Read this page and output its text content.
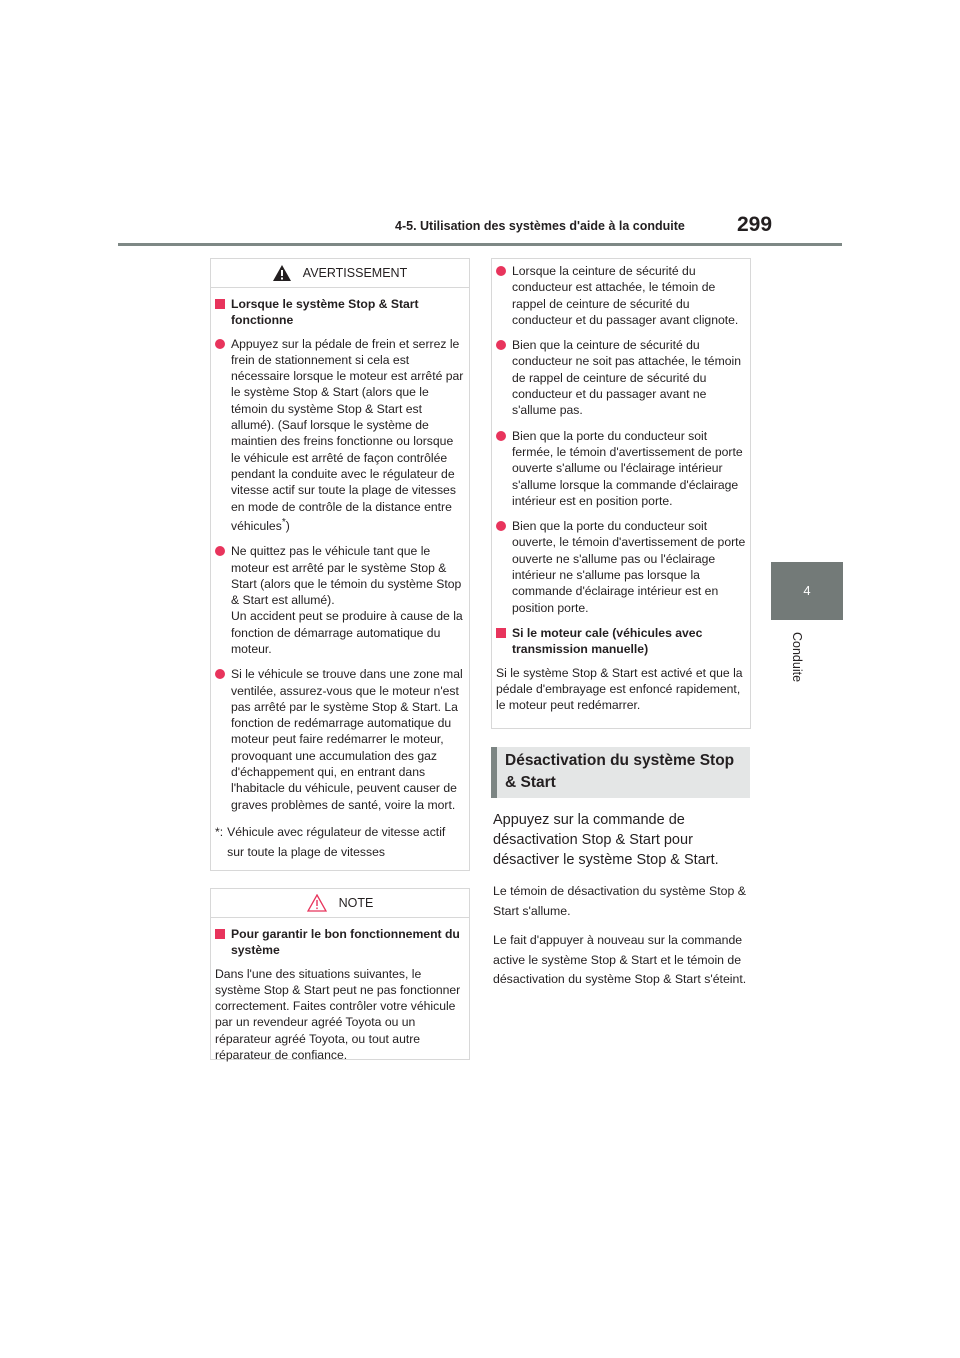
4-5. Utilisation des systèmes d'aide à la conduite 299
4
Conduite
AVERTISSEMENT
Lorsque le système Stop & Start fonctionne
Appuyez sur la pédale de frein et serrez le frein de stationnement si cela est nécessaire lorsque le moteur est arrêté par le système Stop & Start (alors que le témoin du système Stop & Start est allumé). (Sauf lorsque le système de maintien des freins fonctionne ou lorsque le véhicule est arrêté de façon contrôlée pendant la conduite avec le régulateur de vitesse actif sur toute la plage de vitesses en mode de contrôle de la distance entre véhicules*)
Ne quittez pas le véhicule tant que le moteur est arrêté par le système Stop & Start (alors que le témoin du système Stop & Start est allumé).
Un accident peut se produire à cause de la fonction de démarrage automatique du moteur.
Si le véhicule se trouve dans une zone mal ventilée, assurez-vous que le moteur n'est pas arrêté par le système Stop & Start. La fonction de redémarrage automatique du moteur peut faire redémarrer le moteur, provoquant une accumulation des gaz d'échappement qui, en entrant dans l'habitacle du véhicule, peuvent causer de graves problèmes de santé, voire la mort.
*: Véhicule avec régulateur de vitesse actif sur toute la plage de vitesses
NOTE
Pour garantir le bon fonctionnement du système
Dans l'une des situations suivantes, le système Stop & Start peut ne pas fonctionner correctement. Faites contrôler votre véhicule par un revendeur agréé Toyota ou un réparateur agréé Toyota, ou tout autre réparateur de confiance.
Lorsque la ceinture de sécurité du conducteur est attachée, le témoin de rappel de ceinture de sécurité du conducteur et du passager avant clignote.
Bien que la ceinture de sécurité du conducteur ne soit pas attachée, le témoin de rappel de ceinture de sécurité du conducteur et du passager avant ne s'allume pas.
Bien que la porte du conducteur soit fermée, le témoin d'avertissement de porte ouverte s'allume ou l'éclairage intérieur s'allume lorsque la commande d'éclairage intérieur est en position porte.
Bien que la porte du conducteur soit ouverte, le témoin d'avertissement de porte ouverte ne s'allume pas ou l'éclairage intérieur ne s'allume pas lorsque la commande d'éclairage intérieur est en position porte.
Si le moteur cale (véhicules avec transmission manuelle)
Si le système Stop & Start est activé et que la pédale d'embrayage est enfoncé rapidement, le moteur peut redémarrer.
Désactivation du système Stop & Start
Appuyez sur la commande de désactivation Stop & Start pour désactiver le système Stop & Start.
Le témoin de désactivation du système Stop & Start s'allume.
Le fait d'appuyer à nouveau sur la commande active le système Stop & Start et le témoin de désactivation du système Stop & Start s'éteint.
